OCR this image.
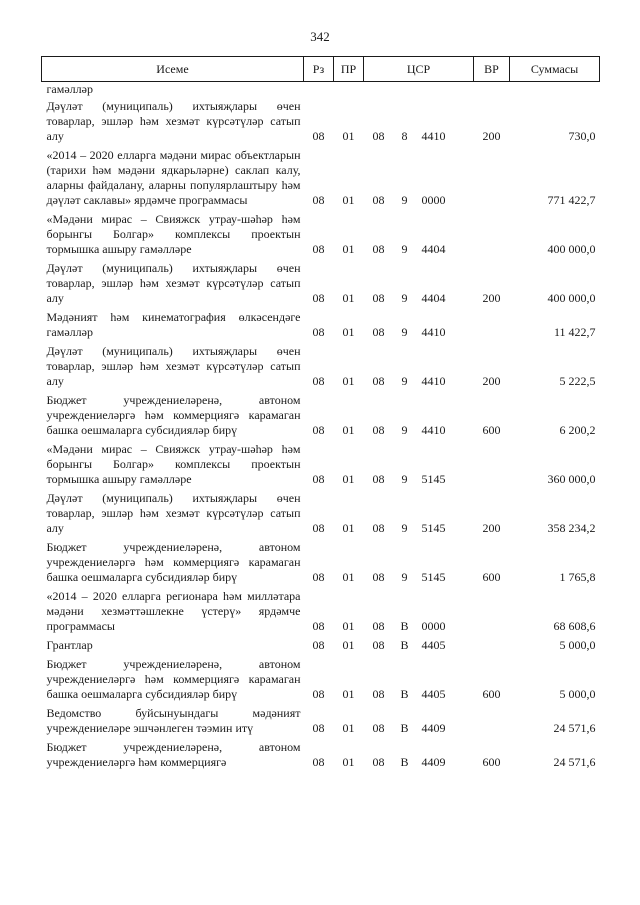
342
Исеме	Рз	ПР	ЦСР			ВР	Суммасы
гамәлләр							
Дәүләт (муниципаль) ихтыяҗлары өчен товарлар, эшләр һәм хезмәт күрсәтүләр сатып алу	08	01	08	8	4410	200	730,0
«2014 – 2020 елларга мәдәни мирас объектларын (тарихи һәм мәдәни ядкарьләрне) саклап калу, аларны файдалану, аларны популярлаштыру һәм дәүләт саклавы» ярдәмче программасы	08	01	08	9	0000		771 422,7
«Мәдәни мирас – Свияжск утрау-шәһәр һәм борынгы Болгар» комплексы проектын тормышка ашыру гамәлләре	08	01	08	9	4404		400 000,0
Дәүләт (муниципаль) ихтыяҗлары өчен товарлар, эшләр һәм хезмәт күрсәтүләр сатып алу	08	01	08	9	4404	200	400 000,0
Мәдәният һәм кинематография өлкәсендәге гамәлләр	08	01	08	9	4410		11 422,7
Дәүләт (муниципаль) ихтыяҗлары өчен товарлар, эшләр һәм хезмәт күрсәтүләр сатып алу	08	01	08	9	4410	200	5 222,5
Бюджет учреждениеләренә, автоном учреждениеләргә һәм коммерциягә карамаган башка оешмаларга субсидияләр бирү	08	01	08	9	4410	600	6 200,2
«Мәдәни мирас – Свияжск утрау-шәһәр һәм борынгы Болгар» комплексы проектын тормышка ашыру гамәлләре	08	01	08	9	5145		360 000,0
Дәүләт (муниципаль) ихтыяҗлары өчен товарлар, эшләр һәм хезмәт күрсәтүләр сатып алу	08	01	08	9	5145	200	358 234,2
Бюджет учреждениеләренә, автоном учреждениеләргә һәм коммерциягә карамаган башка оешмаларга субсидияләр бирү	08	01	08	9	5145	600	1 765,8
«2014 – 2020 елларга регионара һәм милләтара мәдәни хезмәттәшлекне үстерү» ярдәмче программасы	08	01	08	В	0000		68 608,6
Грантлар	08	01	08	В	4405		5 000,0
Бюджет учреждениеләренә, автоном учреждениеләргә һәм коммерциягә карамаган башка оешмаларга субсидияләр бирү	08	01	08	В	4405	600	5 000,0
Ведомство буйсынуындагы мәдәният учреждениеләре эшчәнлеген тәэмин итү	08	01	08	В	4409		24 571,6
Бюджет учреждениеләренә, автоном учреждениеләргә һәм коммерциягә	08	01	08	В	4409	600	24 571,6
